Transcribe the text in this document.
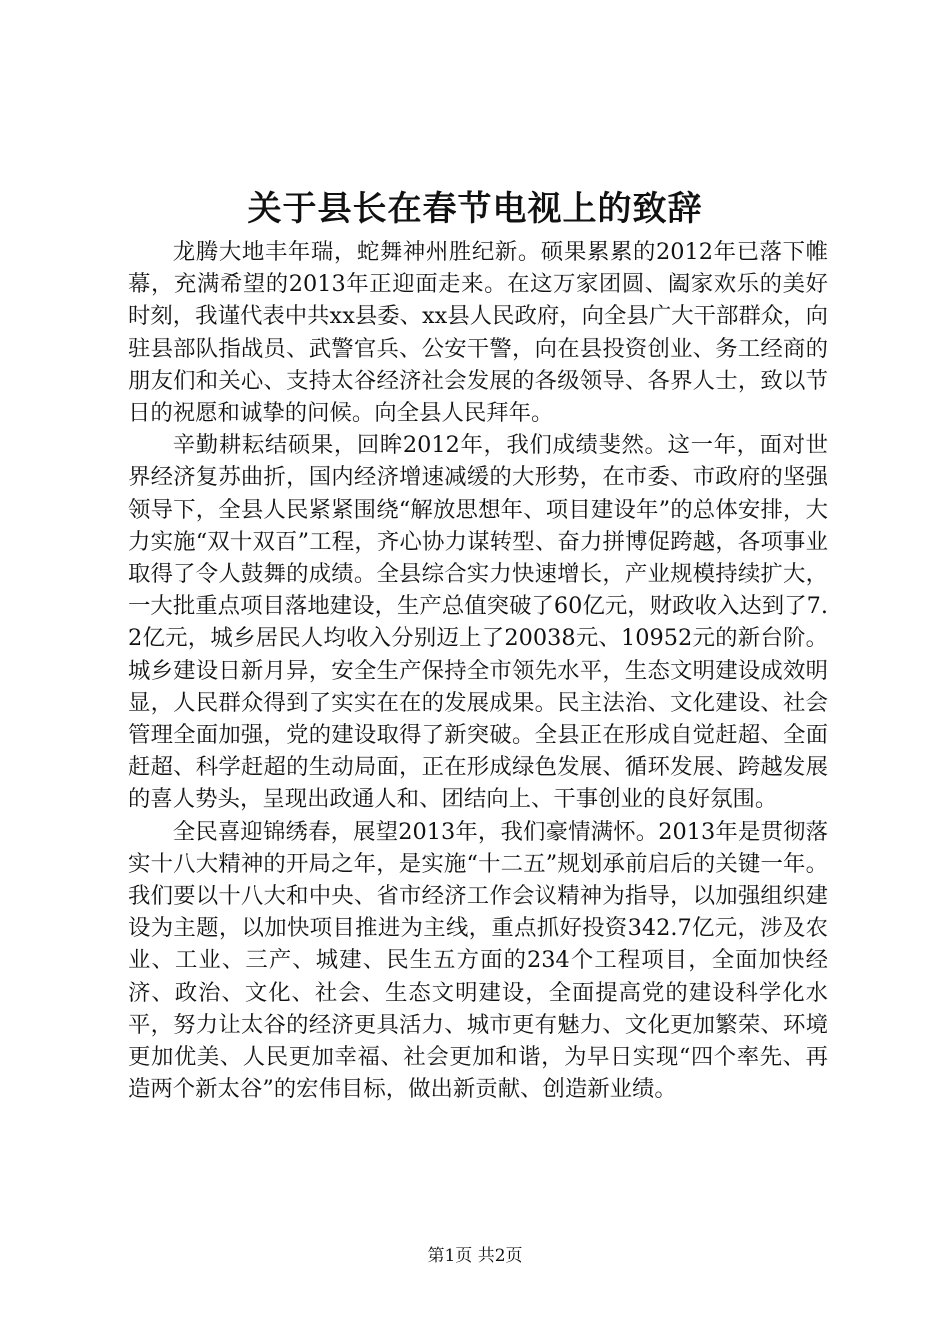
关于县长在春节电视上的致辞

龙腾大地丰年瑞，蛇舞神州胜纪新。硕果累累的2012年已落下帷幕，充满希望的2013年正迎面走来。在这万家团圆、阖家欢乐的美好时刻，我谨代表中共xx县委、xx县人民政府，向全县广大干部群众，向驻县部队指战员、武警官兵、公安干警，向在县投资创业、务工经商的朋友们和关心、支持太谷经济社会发展的各级领导、各界人士，致以节日的祝愿和诚挚的问候。向全县人民拜年。

辛勤耕耘结硕果，回眸2012年，我们成绩斐然。这一年，面对世界经济复苏曲折，国内经济增速减缓的大形势，在市委、市政府的坚强领导下，全县人民紧紧围绕“解放思想年、项目建设年”的总体安排，大力实施“双十双百”工程，齐心协力谋转型、奋力拼博促跨越，各项事业取得了令人鼓舞的成绩。全县综合实力快速增长，产业规模持续扩大，一大批重点项目落地建设，生产总值突破了60亿元，财政收入达到了7.2亿元，城乡居民人均收入分别迈上了20038元、10952元的新台阶。城乡建设日新月异，安全生产保持全市领先水平，生态文明建设成效明显，人民群众得到了实实在在的发展成果。民主法治、文化建设、社会管理全面加强，党的建设取得了新突破。全县正在形成自觉赶超、全面赶超、科学赶超的生动局面，正在形成绿色发展、循环发展、跨越发展的喜人势头，呈现出政通人和、团结向上、干事创业的良好氛围。

全民喜迎锦绣春，展望2013年，我们豪情满怀。2013年是贯彻落实十八大精神的开局之年，是实施“十二五”规划承前启后的关键一年。我们要以十八大和中央、省市经济工作会议精神为指导，以加强组织建设为主题，以加快项目推进为主线，重点抓好投资342.7亿元，涉及农业、工业、三产、城建、民生五方面的234个工程项目，全面加快经济、政治、文化、社会、生态文明建设，全面提高党的建设科学化水平，努力让太谷的经济更具活力、城市更有魅力、文化更加繁荣、环境更加优美、人民更加幸福、社会更加和谐，为早日实现“四个率先、再造两个新太谷”的宏伟目标，做出新贡献、创造新业绩。

第1页 共2页
